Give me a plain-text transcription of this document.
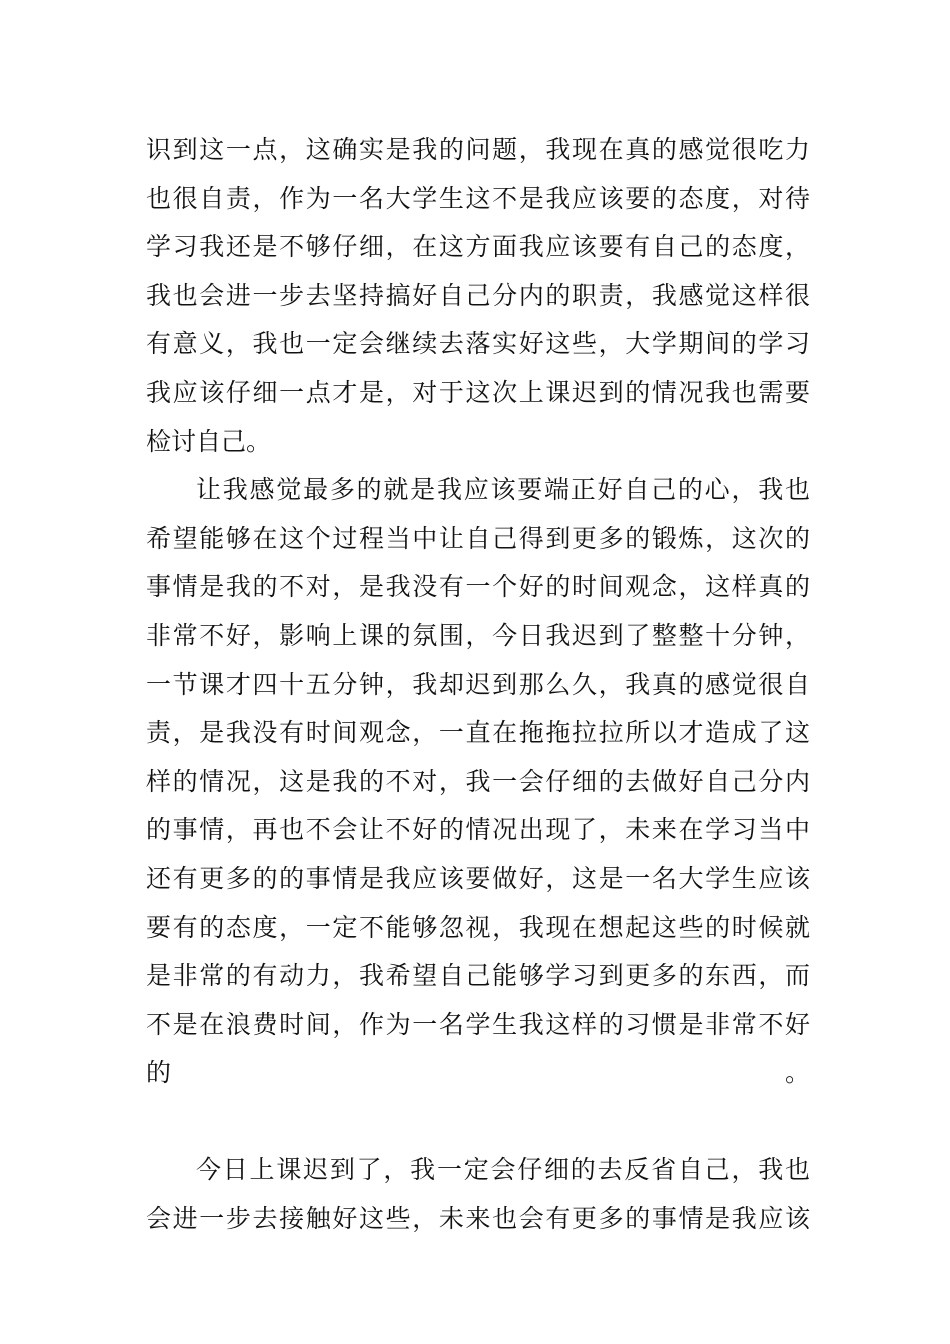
识到这一点，这确实是我的问题，我现在真的感觉很吃力
也很自责，作为一名大学生这不是我应该要的态度，对待
学习我还是不够仔细，在这方面我应该要有自己的态度，
我也会进一步去坚持搞好自己分内的职责，我感觉这样很
有意义，我也一定会继续去落实好这些，大学期间的学习
我应该仔细一点才是，对于这次上课迟到的情况我也需要
检讨自己。
让我感觉最多的就是我应该要端正好自己的心，我也
希望能够在这个过程当中让自己得到更多的锻炼，这次的
事情是我的不对，是我没有一个好的时间观念，这样真的
非常不好，影响上课的氛围，今日我迟到了整整十分钟，
一节课才四十五分钟，我却迟到那么久，我真的感觉很自
责，是我没有时间观念，一直在拖拖拉拉所以才造成了这
样的情况，这是我的不对，我一会仔细的去做好自己分内
的事情，再也不会让不好的情况出现了，未来在学习当中
还有更多的的事情是我应该要做好，这是一名大学生应该
要有的态度，一定不能够忽视，我现在想起这些的时候就
是非常的有动力，我希望自己能够学习到更多的东西，而
不是在浪费时间，作为一名学生我这样的习惯是非常不好
的。
今日上课迟到了，我一定会仔细的去反省自己，我也
会进一步去接触好这些，未来也会有更多的事情是我应该
